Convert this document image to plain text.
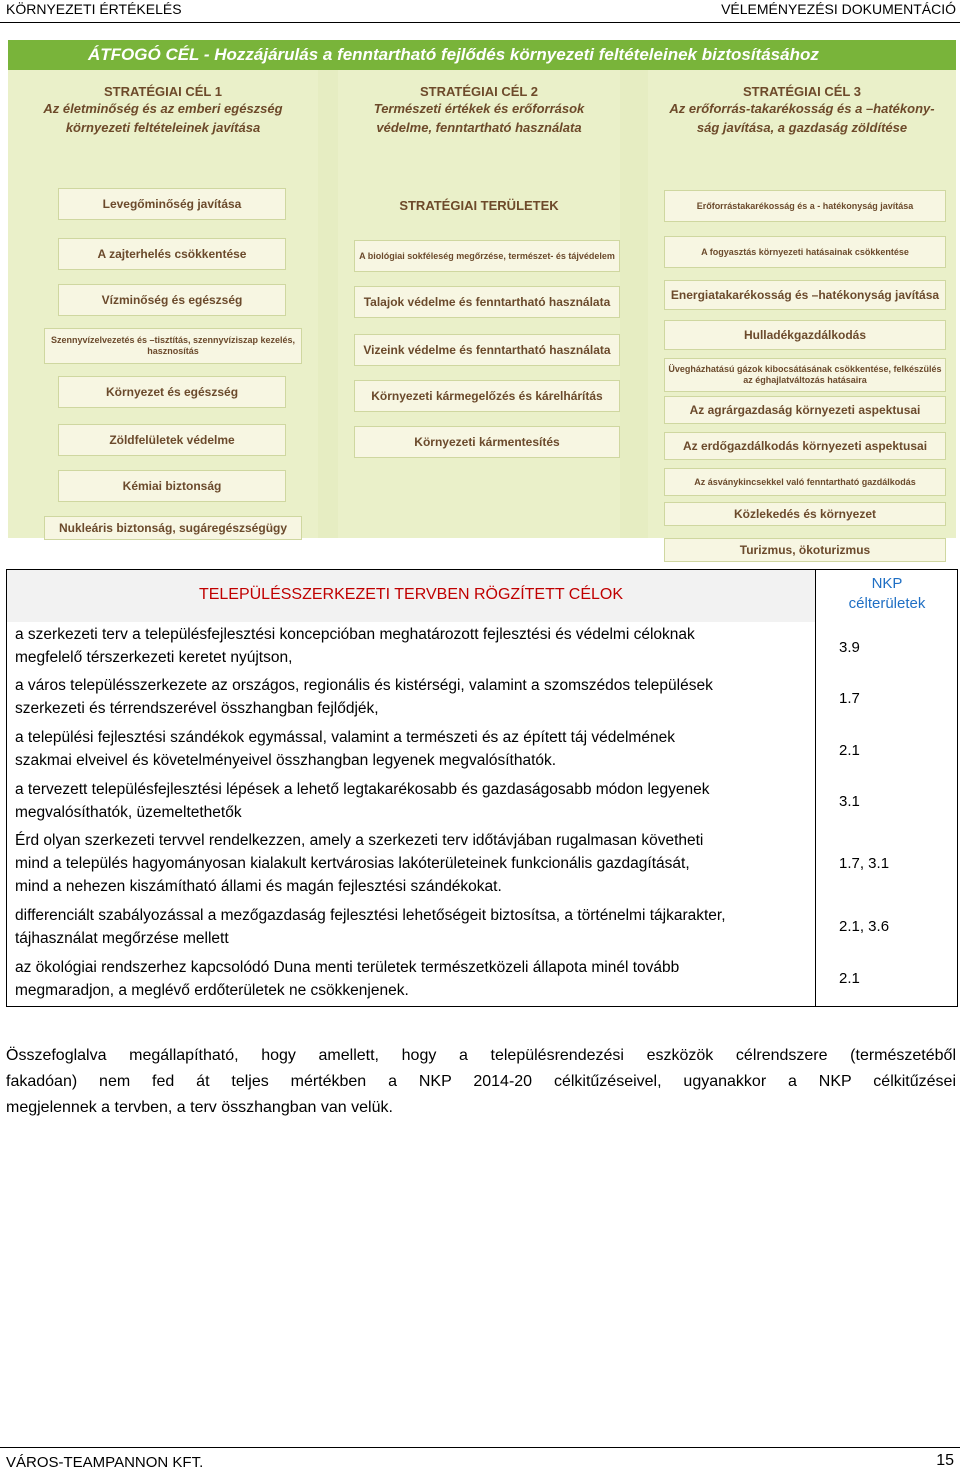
KÖRNYEZETI ÉRTÉKELÉS	VÉLEMÉNYEZÉSI DOKUMENTÁCIÓ
ÁTFOGÓ CÉL - Hozzájárulás a fenntartható fejlődés környezeti feltételeinek biztosításához
STRATÉGIAI CÉL 1
Az életminőség és az emberi egészség
környezeti feltételeinek javítása
Levegőminőség javítása
A zajterhelés csökkentése
Vízminőség és egészség
Szennyvízelvezetés és –tisztítás, szennyvíziszap kezelés, hasznosítás
Környezet és egészség
Zöldfelületek védelme
Kémiai biztonság
Nukleáris biztonság, sugáregészségügy
STRATÉGIAI CÉL 2
Természeti értékek és erőforrások
védelme, fenntartható használata
STRATÉGIAI TERÜLETEK
A biológiai sokféleség megőrzése, természet- és tájvédelem
Talajok védelme és fenntartható használata
Vizeink védelme és fenntartható használata
Környezeti kármegelőzés és kárelhárítás
Környezeti kármentesítés
STRATÉGIAI CÉL 3
Az erőforrás-takarékosság és a –hatékony-
ság javítása, a gazdaság zöldítése
Erőforrástakarékosság és a - hatékonyság javítása
A fogyasztás környezeti hatásainak csökkentése
Energiatakarékosság és –hatékonyság javítása
Hulladékgazdálkodás
Üvegházhatású gázok kibocsátásának csökkentése, felkészülés az éghajlatváltozás hatásaira
Az agrárgazdaság környezeti aspektusai
Az erdőgazdálkodás környezeti aspektusai
Az ásványkincsekkel való fenntartható gazdálkodás
Közlekedés és környezet
Turizmus, ökoturizmus
TELEPÜLÉSSZERKEZETI TERVBEN RÖGZÍTETT CÉLOK
NKP
célterületek
a szerkezeti terv a településfejlesztési koncepcióban meghatározott fejlesztési és védelmi céloknak
megfelelő térszerkezeti keretet nyújtson,
3.9
a város településszerkezete az országos, regionális és kistérségi, valamint a szomszédos települések
szerkezeti és térrendszerével összhangban fejlődjék,
1.7
a települési fejlesztési szándékok egymással, valamint a természeti és az épített táj védelmének
szakmai elveivel és követelményeivel összhangban legyenek megvalósíthatók.
2.1
a tervezett településfejlesztési lépések a lehető legtakarékosabb és gazdaságosabb módon legyenek
megvalósíthatók, üzemeltethetők
3.1
Érd olyan szerkezeti tervvel rendelkezzen, amely a szerkezeti terv időtávjában rugalmasan követheti
mind a település hagyományosan kialakult kertvárosias lakóterületeinek funkcionális gazdagítását,
mind a nehezen kiszámítható állami és magán fejlesztési szándékokat.
1.7, 3.1
differenciált szabályozással a mezőgazdaság fejlesztési lehetőségeit biztosítsa, a történelmi tájkarakter,
tájhasználat megőrzése mellett
2.1, 3.6
az ökológiai rendszerhez kapcsolódó Duna menti területek természetközeli állapota minél tovább
megmaradjon, a meglévő erdőterületek ne csökkenjenek.
2.1
Összefoglalva megállapítható, hogy amellett, hogy a településrendezési eszközök célrendszere (természetéből
fakadóan) nem fed át teljes mértékben a NKP 2014-20 célkitűzéseivel, ugyanakkor a NKP célkitűzései
megjelennek a tervben, a terv összhangban van velük.
VÁROS-TEAMPANNON KFT.	15
